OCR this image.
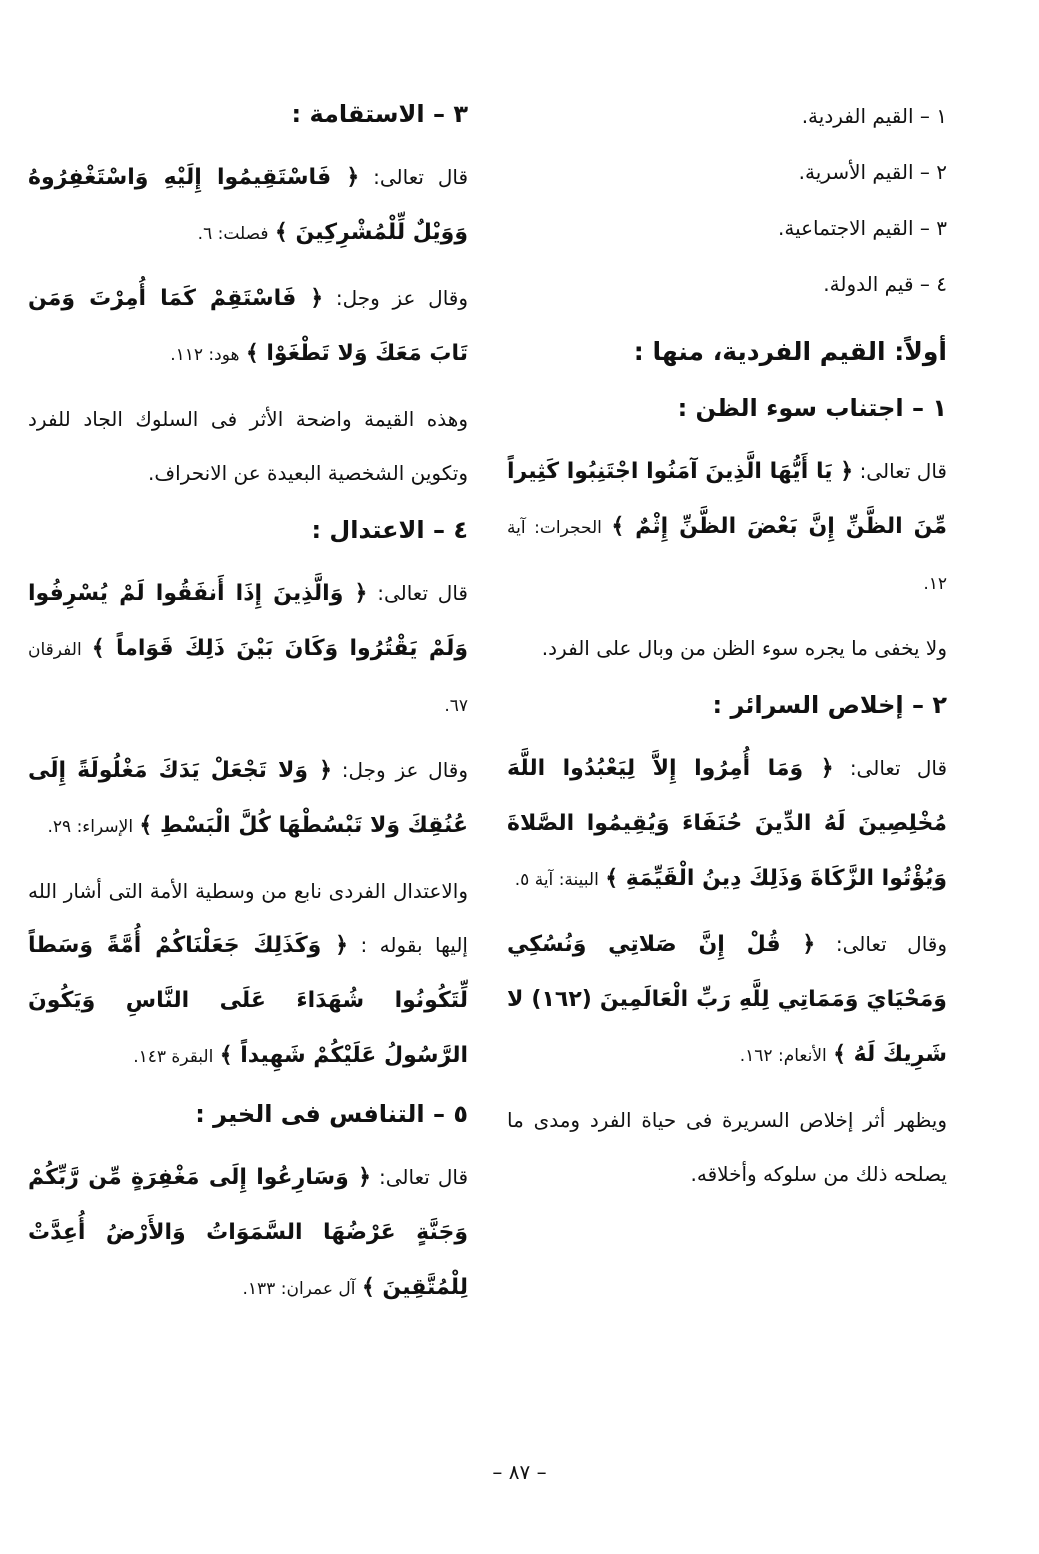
١ – القيم الفردية.
٢ – القيم الأسرية.
٣ – القيم الاجتماعية.
٤ – قيم الدولة.
أولاً: القيم الفردية، منها :
١ – اجتناب سوء الظن :
قال تعالى: ﴿ يَا أَيُّهَا الَّذِينَ آمَنُوا اجْتَنِبُوا كَثِيراً مِّنَ الظَّنِّ إِنَّ بَعْضَ الظَّنِّ إِثْمٌ ﴾ الحجرات: آية ١٢.
ولا يخفى ما يجره سوء الظن من وبال على الفرد.
٢ – إخلاص السرائر :
قال تعالى: ﴿ وَمَا أُمِرُوا إِلاَّ لِيَعْبُدُوا اللَّهَ مُخْلِصِينَ لَهُ الدِّينَ حُنَفَاءَ وَيُقِيمُوا الصَّلاةَ وَيُؤْتُوا الزَّكَاةَ وَذَلِكَ دِينُ الْقَيِّمَةِ ﴾ البينة: آية ٥.
وقال تعالى: ﴿ قُلْ إِنَّ صَلاتِي وَنُسُكِي وَمَحْيَايَ وَمَمَاتِي لِلَّهِ رَبِّ الْعَالَمِينَ (١٦٢) لا شَرِيكَ لَهُ ﴾ الأنعام: ١٦٢.
ويظهر أثر إخلاص السريرة فى حياة الفرد ومدى ما يصلحه ذلك من سلوكه وأخلاقه.
٣ – الاستقامة :
قال تعالى: ﴿ فَاسْتَقِيمُوا إِلَيْهِ وَاسْتَغْفِرُوهُ وَوَيْلٌ لِّلْمُشْرِكِينَ ﴾ فصلت: ٦.
وقال عز وجل: ﴿ فَاسْتَقِمْ كَمَا أُمِرْتَ وَمَن تَابَ مَعَكَ وَلا تَطْغَوْا ﴾ هود: ١١٢.
وهذه القيمة واضحة الأثر فى السلوك الجاد للفرد وتكوين الشخصية البعيدة عن الانحراف.
٤ – الاعتدال :
قال تعالى: ﴿ وَالَّذِينَ إِذَا أَنفَقُوا لَمْ يُسْرِفُوا وَلَمْ يَقْتُرُوا وَكَانَ بَيْنَ ذَلِكَ قَوَاماً ﴾ الفرقان ٦٧.
وقال عز وجل: ﴿ وَلا تَجْعَلْ يَدَكَ مَغْلُولَةً إِلَى عُنُقِكَ وَلا تَبْسُطْهَا كُلَّ الْبَسْطِ ﴾ الإسراء: ٢٩.
والاعتدال الفردى نابع من وسطية الأمة التى أشار الله إليها بقوله : ﴿ وَكَذَلِكَ جَعَلْنَاكُمْ أُمَّةً وَسَطاً لِّتَكُونُوا شُهَدَاءَ عَلَى النَّاسِ وَيَكُونَ الرَّسُولُ عَلَيْكُمْ شَهِيداً ﴾ البقرة ١٤٣.
٥ – التنافس فى الخير :
قال تعالى: ﴿ وَسَارِعُوا إِلَى مَغْفِرَةٍ مِّن رَّبِّكُمْ وَجَنَّةٍ عَرْضُهَا السَّمَوَاتُ وَالأَرْضُ أُعِدَّتْ لِلْمُتَّقِينَ ﴾ آل عمران: ١٣٣.
– ٨٧ –
